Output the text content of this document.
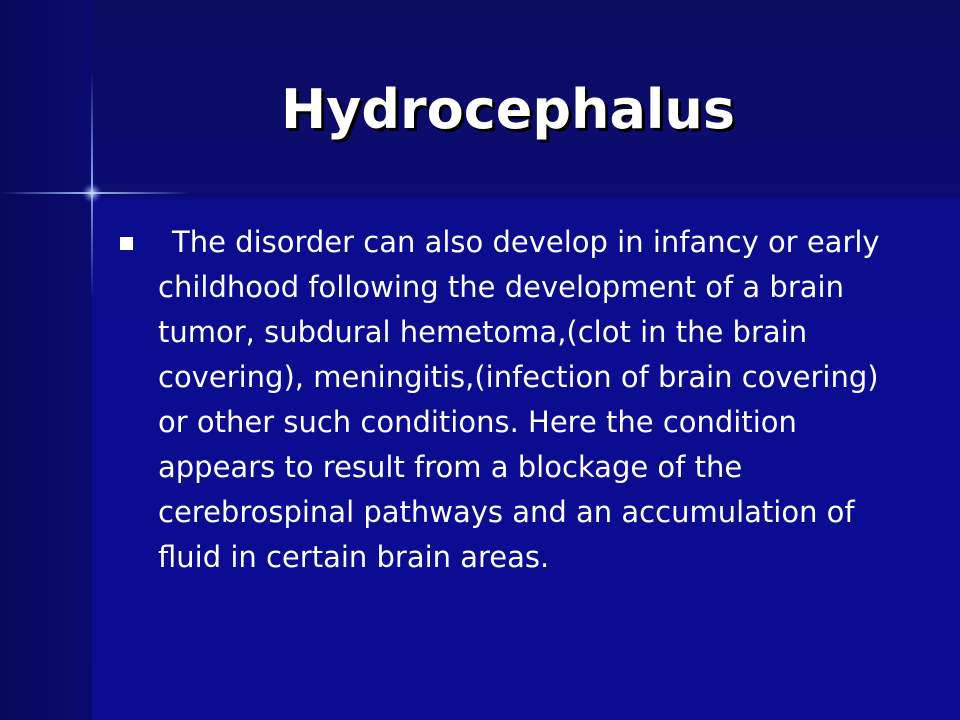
Hydrocephalus
The disorder can also develop in infancy or early childhood following the development of a brain tumor, subdural hemetoma,(clot in the brain covering), meningitis,(infection of brain covering) or other such conditions. Here the condition appears to result from a blockage of the cerebrospinal pathways and an accumulation of fluid in certain brain areas.
